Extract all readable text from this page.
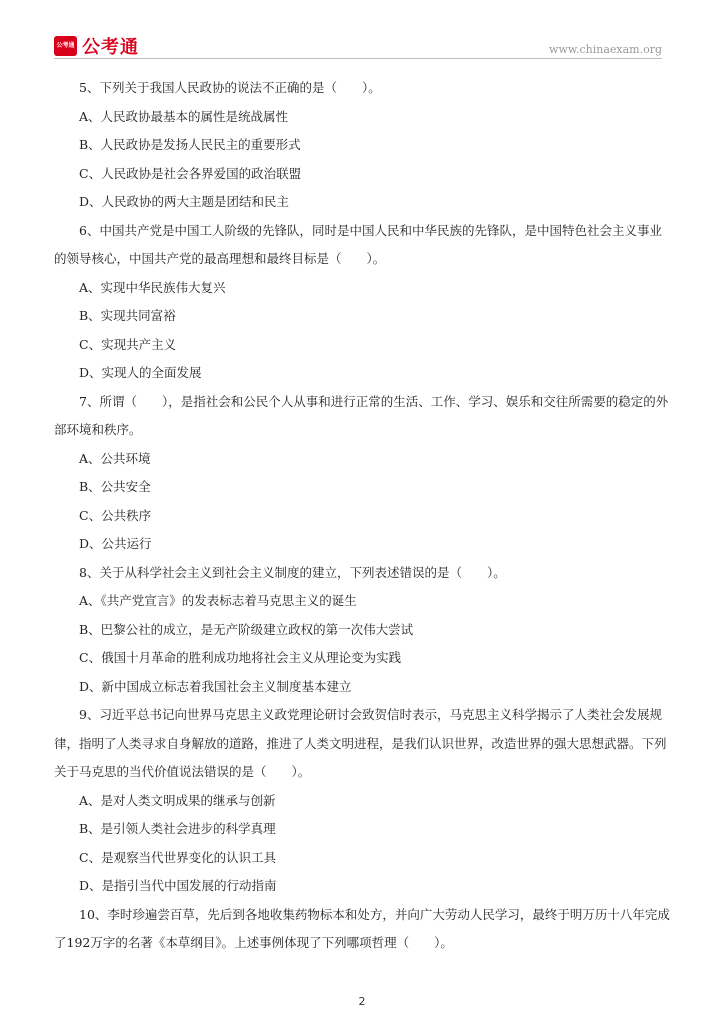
公考通 公考通	www.chinaexam.org

5、下列关于我国人民政协的说法不正确的是（　　）。

A、人民政协最基本的属性是统战属性

B、人民政协是发扬人民民主的重要形式

C、人民政协是社会各界爱国的政治联盟

D、人民政协的两大主题是团结和民主

6、中国共产党是中国工人阶级的先锋队，同时是中国人民和中华民族的先锋队，是中国特色社会主义事业的领导核心，中国共产党的最高理想和最终目标是（　　）。

A、实现中华民族伟大复兴

B、实现共同富裕

C、实现共产主义

D、实现人的全面发展

7、所谓（　　），是指社会和公民个人从事和进行正常的生活、工作、学习、娱乐和交往所需要的稳定的外部环境和秩序。

A、公共环境

B、公共安全

C、公共秩序

D、公共运行

8、关于从科学社会主义到社会主义制度的建立，下列表述错误的是（　　）。

A、《共产党宣言》的发表标志着马克思主义的诞生

B、巴黎公社的成立，是无产阶级建立政权的第一次伟大尝试

C、俄国十月革命的胜利成功地将社会主义从理论变为实践

D、新中国成立标志着我国社会主义制度基本建立

9、习近平总书记向世界马克思主义政党理论研讨会致贺信时表示，马克思主义科学揭示了人类社会发展规律，指明了人类寻求自身解放的道路，推进了人类文明进程，是我们认识世界，改造世界的强大思想武器。下列关于马克思的当代价值说法错误的是（　　）。

A、是对人类文明成果的继承与创新

B、是引领人类社会进步的科学真理

C、是观察当代世界变化的认识工具

D、是指引当代中国发展的行动指南

10、李时珍遍尝百草，先后到各地收集药物标本和处方，并向广大劳动人民学习，最终于明万历十八年完成了192万字的名著《本草纲目》。上述事例体现了下列哪项哲理（　　）。

2
